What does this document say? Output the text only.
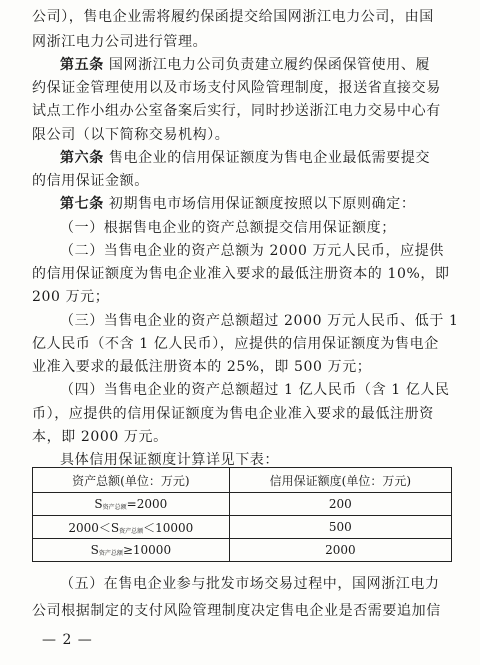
公司），售电企业需将履约保函提交给国网浙江电力公司，由国
网浙江电力公司进行管理。
第五条 国网浙江电力公司负责建立履约保函保管使用、履
约保证金管理使用以及市场支付风险管理制度，报送省直接交易
试点工作小组办公室备案后实行，同时抄送浙江电力交易中心有
限公司（以下简称交易机构）。
第六条 售电企业的信用保证额度为售电企业最低需要提交
的信用保证金额。
第七条 初期售电市场信用保证额度按照以下原则确定：
（一）根据售电企业的资产总额提交信用保证额度；
（二）当售电企业的资产总额为 2000 万元人民币，应提供
的信用保证额度为售电企业准入要求的最低注册资本的 10%，即
200 万元；
（三）当售电企业的资产总额超过 2000 万元人民币、低于 1
亿人民币（不含 1 亿人民币），应提供的信用保证额度为售电企
业准入要求的最低注册资本的 25%，即 500 万元；
（四）当售电企业的资产总额超过 1 亿人民币（含 1 亿人民
币），应提供的信用保证额度为售电企业准入要求的最低注册资
本，即 2000 万元。
具体信用保证额度计算详见下表：
资产总额(单位：万元)	信用保证额度(单位：万元)
S资产总额=2000	200
2000＜S资产总额＜10000	500
S资产总额≥10000	2000
（五）在售电企业参与批发市场交易过程中，国网浙江电力
公司根据制定的支付风险管理制度决定售电企业是否需要追加信
— 2 —
